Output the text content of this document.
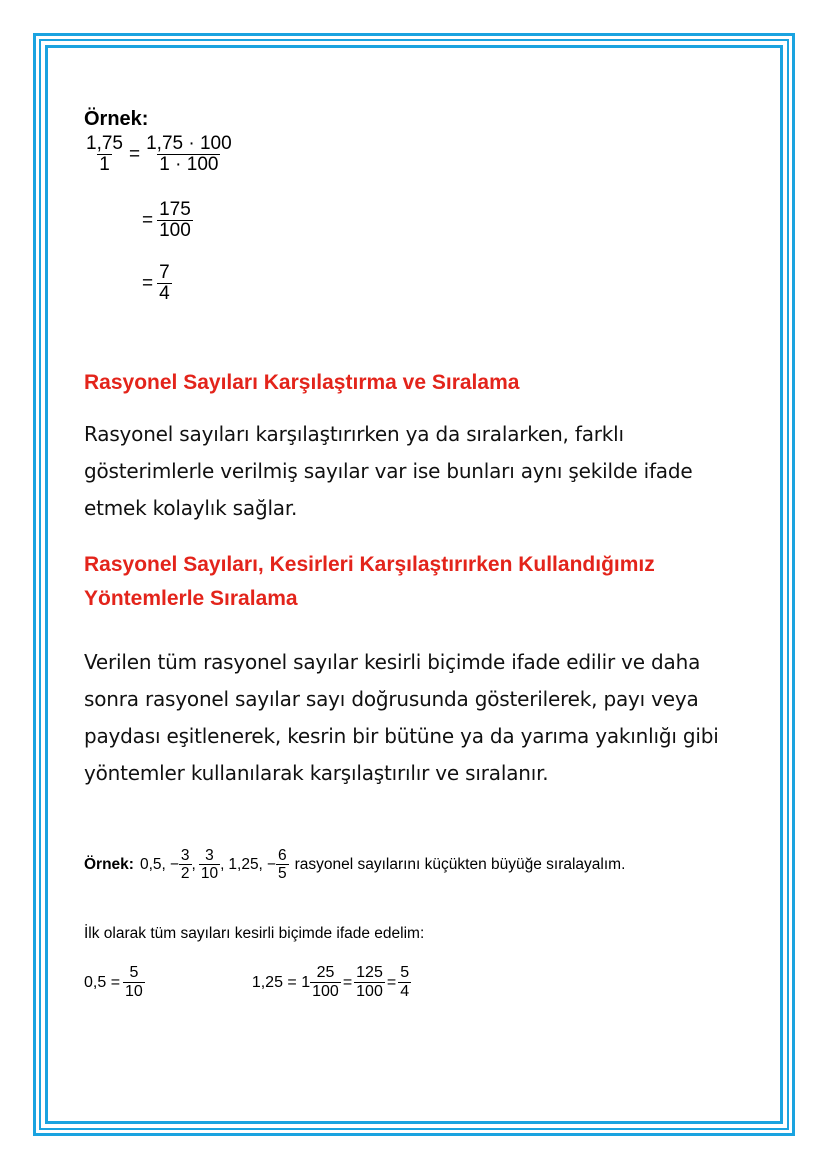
Örnek:
$\frac{1,75}{1} = \frac{1,75 \cdot 100}{1 \cdot 100}$
= $\frac{175}{100}$
= $\frac{7}{4}$
Rasyonel Sayıları Karşılaştırma ve Sıralama

Rasyonel sayıları karşılaştırırken ya da sıralarken, farklı gösterimlerle verilmiş sayılar var ise bunları aynı şekilde ifade etmek kolaylık sağlar.

Rasyonel Sayıları, Kesirleri Karşılaştırırken Kullandığımız Yöntemlerle Sıralama

Verilen tüm rasyonel sayılar kesirli biçimde ifade edilir ve daha sonra rasyonel sayılar sayı doğrusunda gösterilerek, payı veya paydası eşitlenerek, kesrin bir bütüne ya da yarıma yakınlığı gibi yöntemler kullanılarak karşılaştırılır ve sıralanır.

Örnek: 0,5, − $\frac{3}{2}$ , $\frac{3}{10}$ , 1,25, − $\frac{6}{5}$ rasyonel sayılarını küçükten büyüğe sıralayalım.
İlk olarak tüm sayıları kesirli biçimde ifade edelim:
$0,5 = \frac{5}{10}$	$1,25 = 1 \frac{25}{100} = \frac{125}{100} = \frac{5}{4}$
